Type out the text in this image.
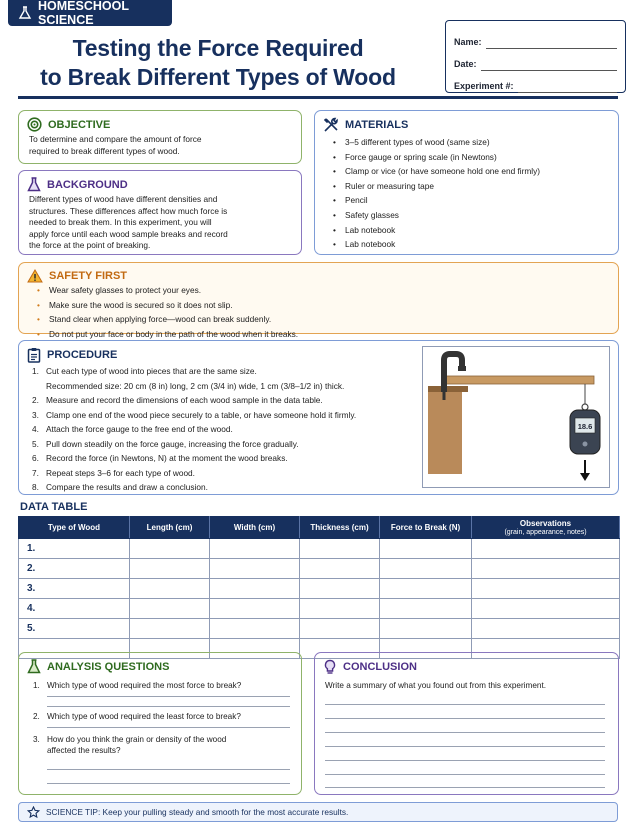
HOMESCHOOL SCIENCE
Testing the Force Required
to Break Different Types of Wood
Name:
Date:
Experiment #:
OBJECTIVE
To determine and compare the amount of force
required to break different types of wood.
BACKGROUND
Different types of wood have different densities and
structures. These differences affect how much force is
needed to break them. In this experiment, you will
apply force until each wood sample breaks and record
the force at the point of breaking.
MATERIALS
• 3–5 different types of wood (same size)
• Force gauge or spring scale (in Newtons)
• Clamp or vice (or have someone hold one end firmly)
• Ruler or measuring tape
• Pencil
• Safety glasses
• Lab notebook
• Lab notebook
SAFETY FIRST
• Wear safety glasses to protect your eyes.
• Make sure the wood is secured so it does not slip.
• Stand clear when applying force—wood can break suddenly.
• Do not put your face or body in the path of the wood when it breaks.
PROCEDURE
1. Cut each type of wood into pieces that are the same size.
Recommended size: 20 cm (8 in) long, 2 cm (3/4 in) wide, 1 cm (3/8–1/2 in) thick.
2. Measure and record the dimensions of each wood sample in the data table.
3. Clamp one end of the wood piece securely to a table, or have someone hold it firmly.
4. Attach the force gauge to the free end of the wood.
5. Pull down steadily on the force gauge, increasing the force gradually.
6. Record the force (in Newtons, N) at the moment the wood breaks.
7. Repeat steps 3–6 for each type of wood.
8. Compare the results and draw a conclusion.
18.6
DATA TABLE
Type of Wood	Length (cm)	Width (cm)	Thickness (cm)	Force to Break (N)	Observations
(grain, appearance, notes)

1.					
2.					
3.					
4.					
5.					

ANALYSIS QUESTIONS
1. Which type of wood required the most force to break?
2. Which type of wood required the least force to break?
3. How do you think the grain or density of the wood
affected the results?
CONCLUSION
Write a summary of what you found out from this experiment.
SCIENCE TIP: Keep your pulling steady and smooth for the most accurate results.
